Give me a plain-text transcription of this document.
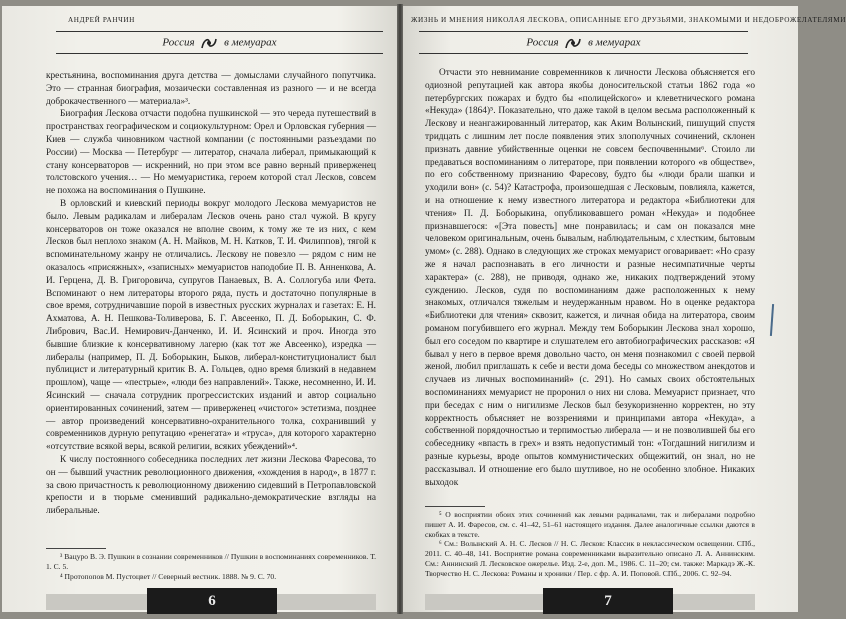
АНДРЕЙ РАНЧИН
Россия	в мемуарах

крестьянина, воспоминания друга детства — домыслами случайного попутчика. Это — странная биография, мозаически составленная из разного — и не всегда доброкачественного — материала»³.

Биография Лескова отчасти подобна пушкинской — это череда путешествий в пространствах географическом и социокультурном: Орел и Орловская губерния — Киев — служба чиновником частной компании (с постоянными разъездами по России) — Москва — Петербург — литератор, сначала либерал, примыкающий к стану консерваторов — искренний, но при этом все равно верный приверженец толстовского учения… — Но мемуаристика, героем которой стал Лесков, совсем не похожа на воспоминания о Пушкине.

В орловский и киевский периоды вокруг молодого Лескова мемуаристов не было. Левым радикалам и либералам Лесков очень рано стал чужой. В кругу консерваторов он тоже оказался не вполне своим, к тому же те из них, с кем Лесков был неплохо знаком (А. Н. Майков, М. Н. Катков, Т. И. Филиппов), тягой к вспоминательному жанру не отличались. Лескову не повезло — рядом с ним не оказалось «присяжных», «записных» мемуаристов наподобие П. В. Анненкова, А. И. Герцена, Д. В. Григоровича, супругов Панаевых, В. А. Соллогуба или Фета. Вспоминают о нем литераторы второго ряда, пусть и достаточно популярные в свое время, сотрудничавшие порой в известных русских журналах и газетах: Е. Н. Ахматова, А. Н. Пешкова-Толиверова, Б. Г. Авсеенко, П. Д. Боборыкин, С. Ф. Либрович, Вас.И. Немирович-Данченко, И. И. Ясинский и проч. Иногда это бывшие близкие к консервативному лагерю (как тот же Авсеенко), изредка — либералы (например, П. Д. Боборыкин, Быков, либерал-конституционалист был публицист и литературный критик В. А. Гольцев, одно время близкий в недавнем прошлом), чаще — «пестрые», «люди без направлений». Также, несомненно, И. И. Ясинский — сначала сотрудник прогрессистских изданий и автор социально ориентированных сочинений, затем — приверженец «чистого» эстетизма, позднее — автор произведений консервативно-охранительного толка, сохранивший у современников дурную репутацию «ренегата» и «труса», для которого характерно «отсутствие всякой веры, всякой религии, всяких убеждений»⁴.

К числу постоянного собеседника последних лет жизни Лескова Фаресова, то он — бывший участник революционного движения, «хождения в народ», в 1877 г. за свою причастность к революционному движению сидевший в Петропавловской крепости и в тюрьме сменивший радикально-демократические взгляды на либеральные.

³ Вацуро В. Э. Пушкин в сознании современников // Пушкин в воспоминаниях современников. Т. 1. С. 5.

⁴ Протопопов М. Пустоцвет // Северный вестник. 1888. № 9. С. 70.

6
ЖИЗНЬ И МНЕНИЯ НИКОЛАЯ ЛЕСКОВА, ОПИСАННЫЕ ЕГО ДРУЗЬЯМИ, ЗНАКОМЫМИ И НЕДОБРОЖЕЛАТЕЛЯМИ
Россия	в мемуарах

Отчасти это невнимание современников к личности Лескова объясняется его одиозной репутацией как автора якобы доносительской статьи 1862 года «о петербургских пожарах и будто бы «полицейского» и клеветнического романа «Некуда» (1864)⁵. Показательно, что даже такой в целом весьма расположенный к Лескову и неангажированный литератор, как Аким Волынский, пишущий спустя тридцать с лишним лет после появления этих злополучных сочинений, склонен признать давние убийственные оценки не совсем беспочвенными⁶. Стоило ли предаваться воспоминаниям о литераторе, при появлении которого «в обществе», по его собственному признанию Фаресову, будто бы «люди брали шапки и уходили вон» (с. 54)? Катастрофа, произошедшая с Лесковым, повлияла, кажется, и на отношение к нему известного литератора и редактора «Библиотеки для чтения» П. Д. Боборыкина, опубликовавшего роман «Некуда» и подобнее признавшегося: «[Эта повесть] мне понравилась; и сам он показался мне человеком оригинальным, очень бывалым, наблюдательным, с хлестким, бытовым умом» (с. 288). Однако в следующих же строках мемуарист оговаривает: «Но сразу же я начал распознавать в его личности и разные несимпатичные черты характера» (с. 288), не приводя, однако же, никаких подтверждений этому суждению. Лесков, судя по воспоминаниям даже расположенных к нему знакомых, отличался тяжелым и неудержанным нравом. Но в оценке редактора «Библиотеки для чтения» сквозит, кажется, и личная обида на литератора, своим романом погубившего его журнал. Между тем Боборыкин Лескова знал хорошо, был его соседом по квартире и слушателем его автобиографических рассказов: «Я бывал у него в первое время довольно часто, он меня познакомил с своей первой женой, любил приглашать к себе и вести дома беседы со множеством анекдотов и случаев из личных воспоминаний» (с. 291). Но самых своих обстоятельных воспоминаниях мемуарист не проронил о них ни слова. Мемуарист признает, что при беседах с ним о нигилизме Лесков был безукоризненно корректен, но эту корректность объясняет не воззрениями и принципами автора «Некуда», а собственной порядочностью и терпимостью либерала — и не позволившей бы его собеседнику «впасть в грех» и взять недопустимый тон: «Тогдашний нигилизм и разные курьезы, вроде опытов коммунистических общежитий, он знал, но не рассказывал. И отношение его было шутливое, но не особенно злобное. Никаких выходок

⁵ О восприятии обоих этих сочинений как левыми радикалами, так и либералами подробно пишет А. И. Фаресов, см. с. 41–42, 51–61 настоящего издания. Далее аналогичные ссылки даются в скобках в тексте.

⁶ См.: Волынский А. Н. С. Лесков // Н. С. Лесков: Классик в неклассическом освещении. СПб., 2011. С. 40–48, 141. Восприятие романа современниками выразительно описано Л. А. Аннинским. См.: Аннинский Л. Лесковское ожерелье. Изд. 2-е, доп. М., 1986. С. 11–20; см. также: Маркадэ Ж.-К. Творчество Н. С. Лескова: Романы и хроники / Пер. с фр. А. И. Поповой. СПб., 2006. С. 92–94.

7
